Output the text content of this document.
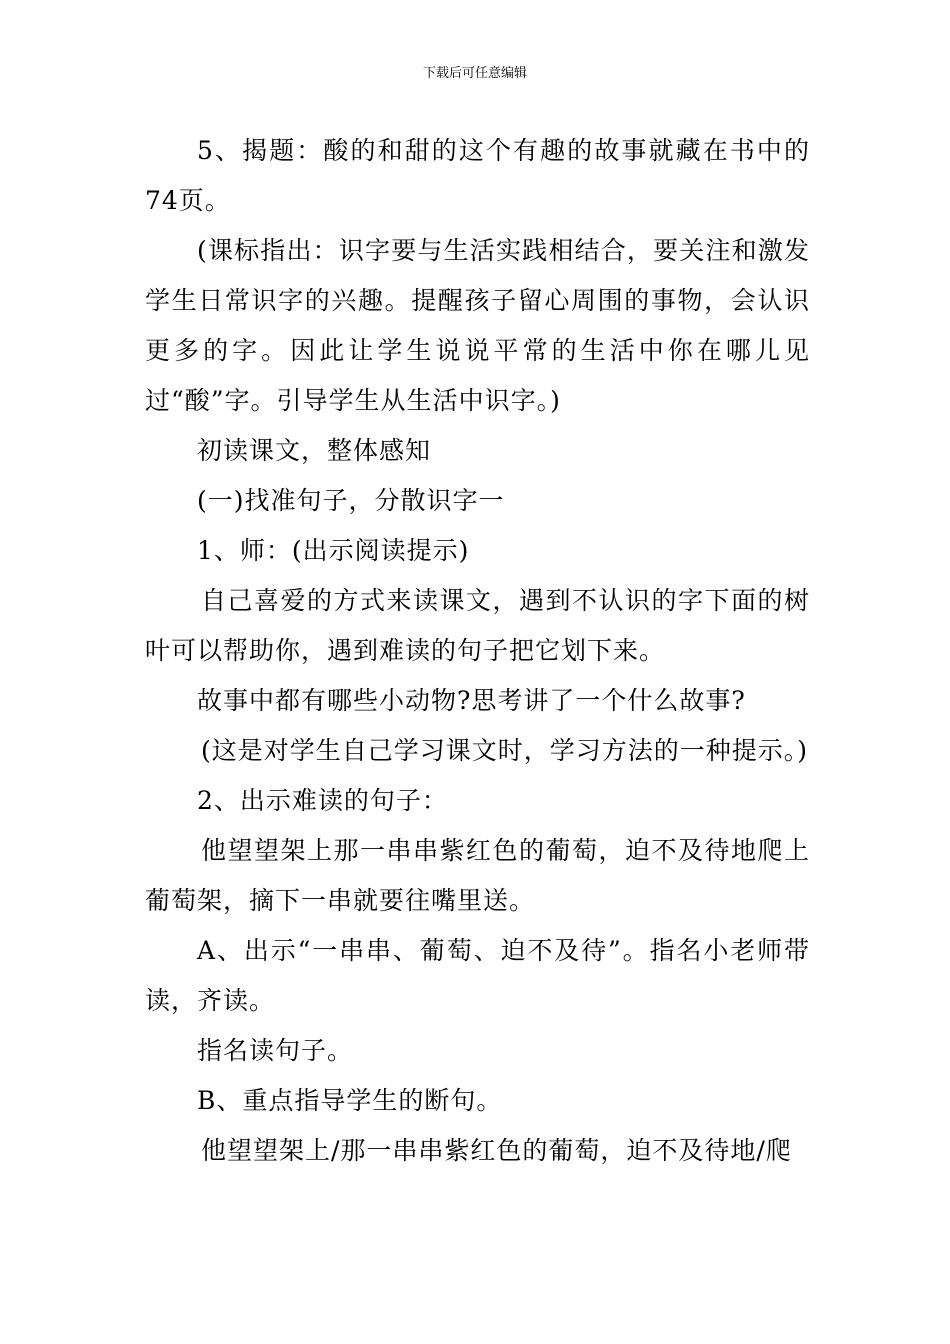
下载后可任意编辑

5、揭题：酸的和甜的这个有趣的故事就藏在书中的74页。

(课标指出：识字要与生活实践相结合，要关注和激发学生日常识字的兴趣。提醒孩子留心周围的事物，会认识更多的字。因此让学生说说平常的生活中你在哪儿见过“酸”字。引导学生从生活中识字。)

初读课文，整体感知

(一)找准句子，分散识字一

1、师：(出示阅读提示)

自己喜爱的方式来读课文，遇到不认识的字下面的树叶可以帮助你，遇到难读的句子把它划下来。

故事中都有哪些小动物?思考讲了一个什么故事?

(这是对学生自己学习课文时，学习方法的一种提示。)

2、出示难读的句子：

他望望架上那一串串紫红色的葡萄，迫不及待地爬上葡萄架，摘下一串就要往嘴里送。

A、出示“一串串、葡萄、迫不及待”。指名小老师带读，齐读。

指名读句子。

B、重点指导学生的断句。

他望望架上/那一串串紫红色的葡萄，迫不及待地/爬
